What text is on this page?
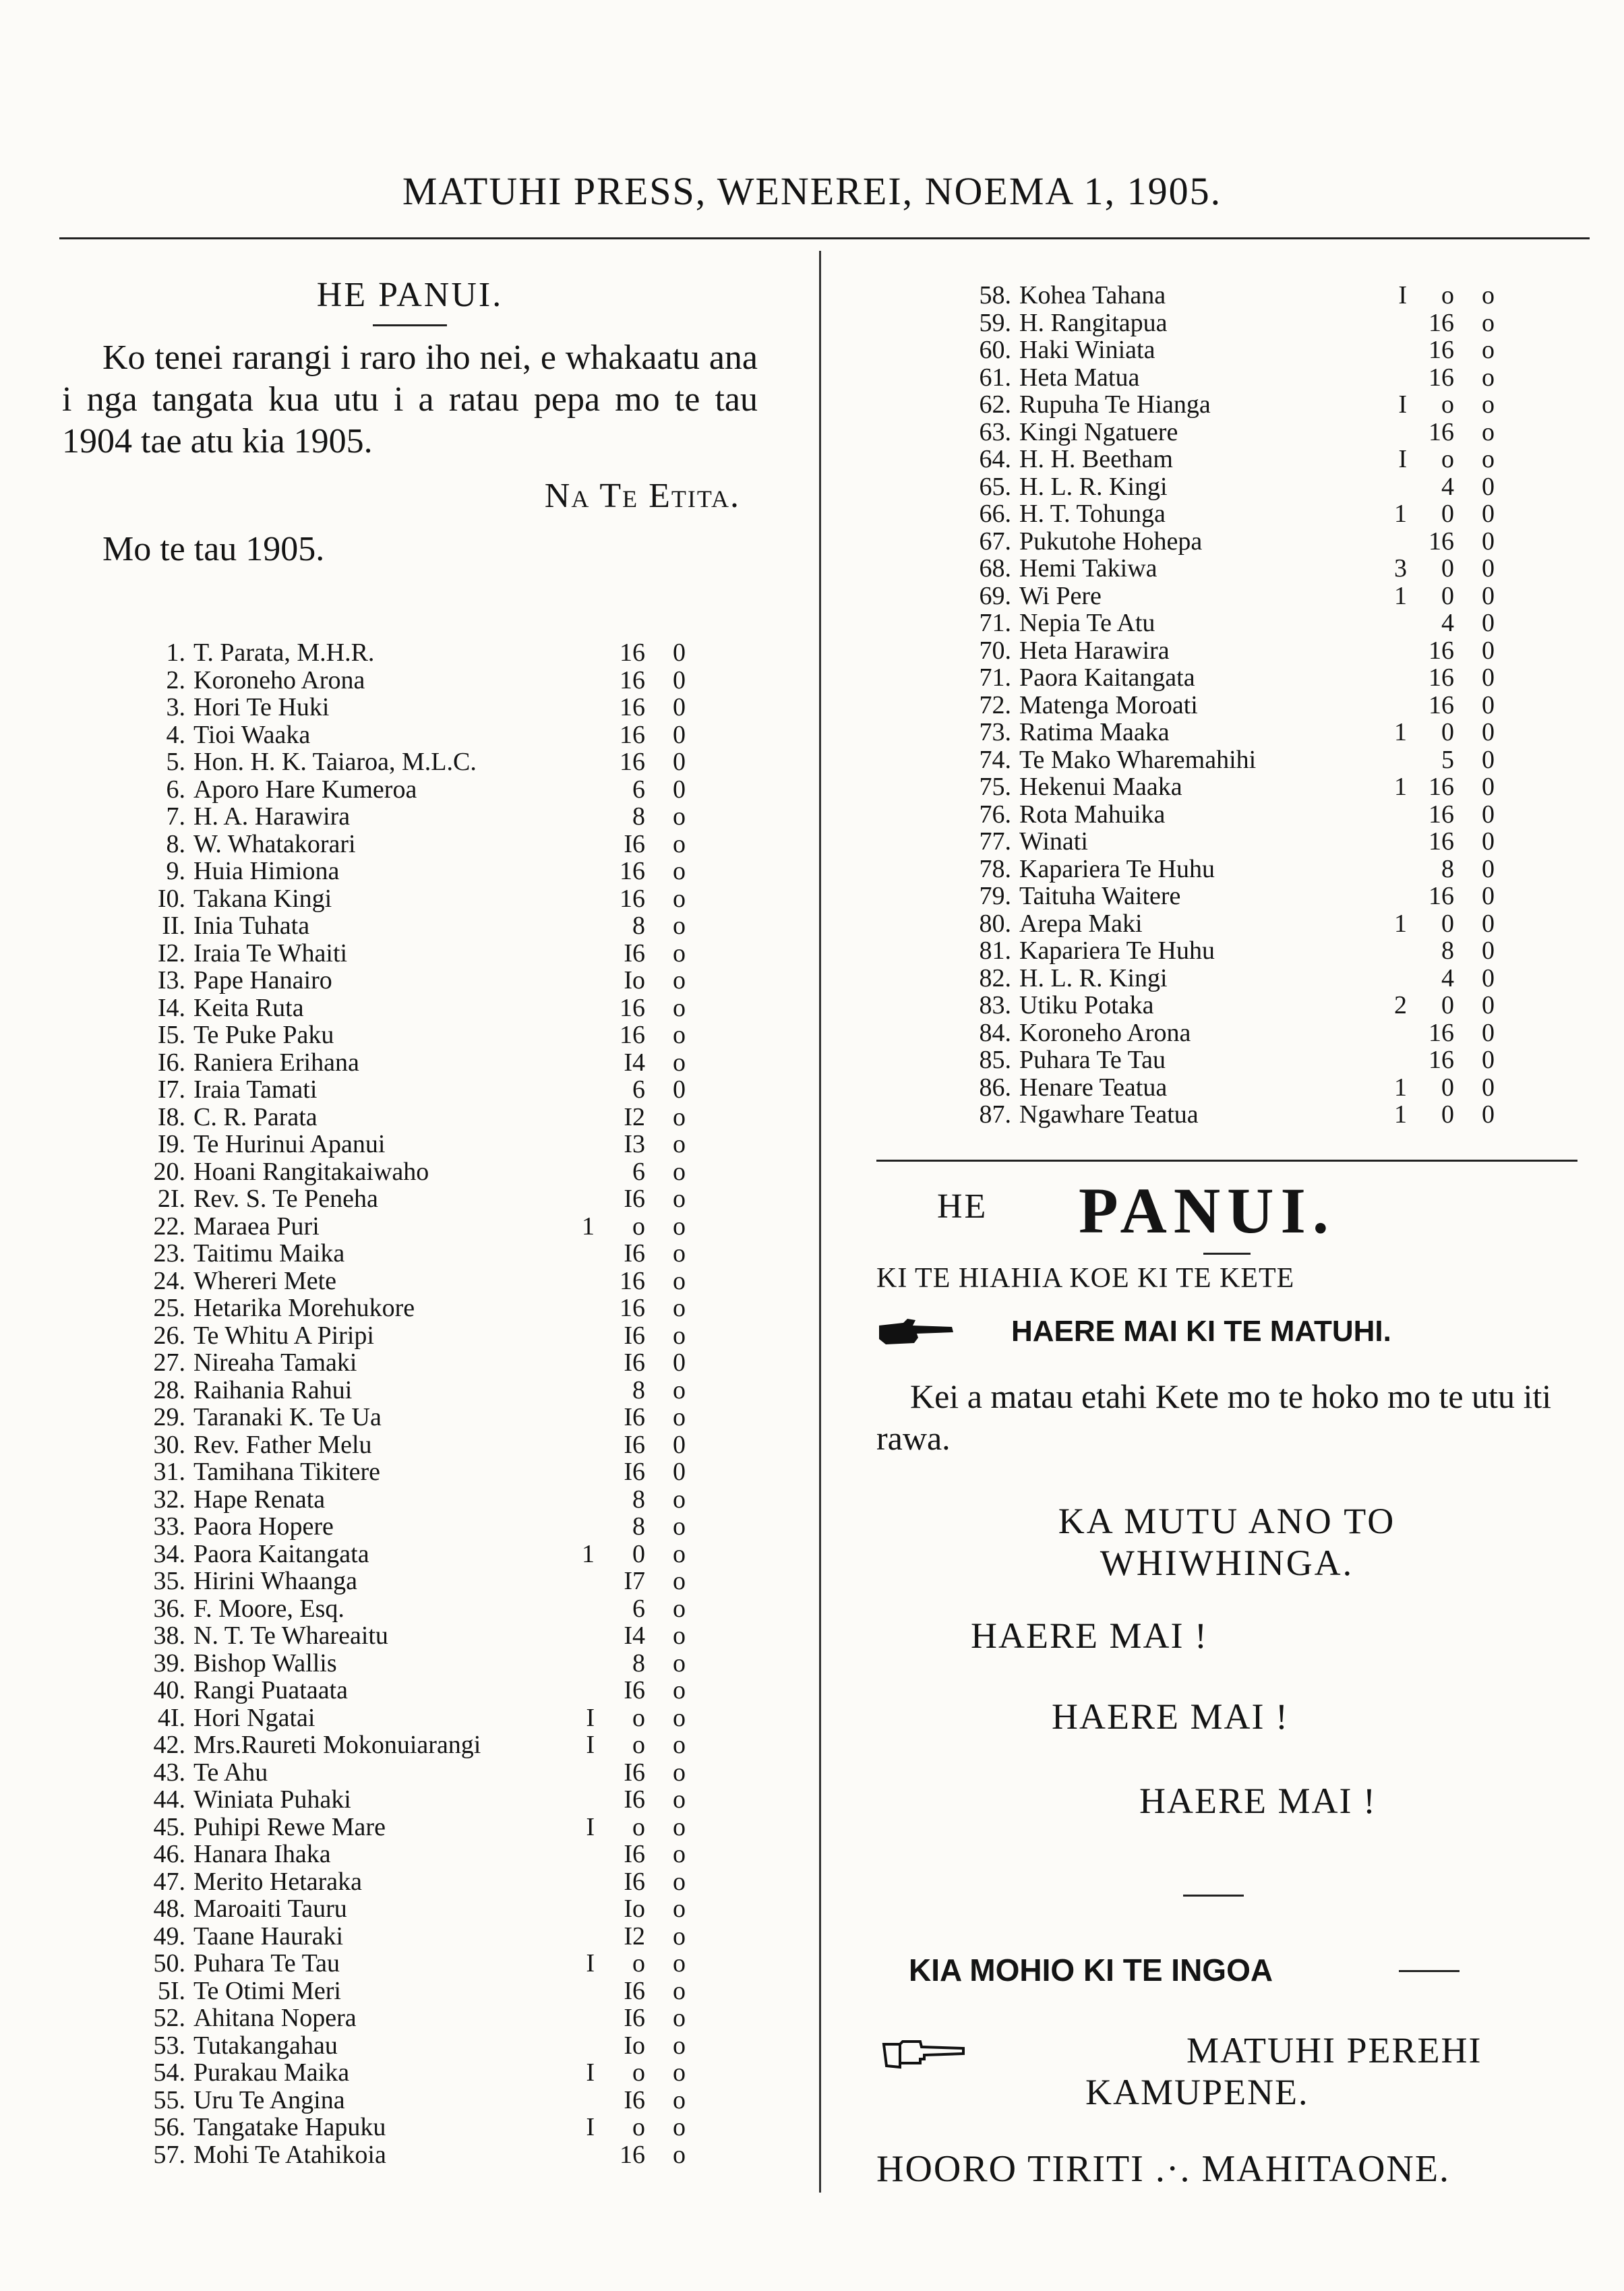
MATUHI PRESS, WENEREI, NOEMA 1, 1905.
HE PANUI.

Ko tenei rarangi i raro iho nei, e whakaatu ana i nga tangata kua utu i a ratau pepa mo te tau 1904 tae atu kia 1905.

Na Te Etita.
Mo te tau 1905.
1. T. Parata, M.H.R.	16	0
2. Koroneho Arona	16	0
3. Hori Te Huki	16	0
4. Tioi Waaka	16	0
5. Hon. H. K. Taiaroa, M.L.C.	16	0
6. Aporo Hare Kumeroa	6	0
7. H. A. Harawira	8	o
8. W. Whatakorari	I6	o
9. Huia Himiona	16	o
I0. Takana Kingi	16	o
II. Inia Tuhata	8	o
I2. Iraia Te Whaiti	I6	o
I3. Pape Hanairo	Io	o
I4. Keita Ruta	16	o
I5. Te Puke Paku	16	o
I6. Raniera Erihana	I4	o
I7. Iraia Tamati	6	0
I8. C. R. Parata	I2	o
I9. Te Hurinui Apanui	I3	o
20. Hoani Rangitakaiwaho	6	o
2I. Rev. S. Te Peneha	I6	o
22. Maraea Puri	1	o	o
23. Taitimu Maika	I6	o
24. Whereri Mete	16	o
25. Hetarika Morehukore	16	o
26. Te Whitu A Piripi	I6	o
27. Nireaha Tamaki	I6	0
28. Raihania Rahui	8	o
29. Taranaki K. Te Ua	I6	o
30. Rev. Father Melu	I6	0
31. Tamihana Tikitere	I6	0
32. Hape Renata	8	o
33. Paora Hopere	8	o
34. Paora Kaitangata	1	0	o
35. Hirini Whaanga	I7	o
36. F. Moore, Esq.	6	o
38. N. T. Te Whareaitu	I4	o
39. Bishop Wallis	8	o
40. Rangi Puataata	I6	o
4I. Hori Ngatai	I	o	o
42. Mrs.Raureti Mokonuiarangi	I	o	o
43. Te Ahu	I6	o
44. Winiata Puhaki	I6	o
45. Puhipi Rewe Mare	I	o	o
46. Hanara Ihaka	I6	o
47. Merito Hetaraka	I6	o
48. Maroaiti Tauru	Io	o
49. Taane Hauraki	I2	o
50. Puhara Te Tau	I	o	o
5I. Te Otimi Meri	I6	o
52. Ahitana Nopera	I6	o
53. Tutakangahau	Io	o
54. Purakau Maika	I	o	o
55. Uru Te Angina	I6	o
56. Tangatake Hapuku	I	o	o
57. Mohi Te Atahikoia	16	o
58. Kohea Tahana	I	o	o
59. H. Rangitapua	16	o
60. Haki Winiata	16	o
61. Heta Matua	16	o
62. Rupuha Te Hianga	I	o	o
63. Kingi Ngatuere	16	o
64. H. H. Beetham	I	o	o
65. H. L. R. Kingi	4	0
66. H. T. Tohunga	1	0	0
67. Pukutohe Hohepa	16	0
68. Hemi Takiwa	3	0	0
69. Wi Pere	1	0	0
71. Nepia Te Atu	4	0
70. Heta Harawira	16	0
71. Paora Kaitangata	16	0
72. Matenga Moroati	16	0
73. Ratima Maaka	1	0	0
74. Te Mako Wharemahihi	5	0
75. Hekenui Maaka	1 16	0
76. Rota Mahuika	16	0
77. Winati	16	0
78. Kapariera Te Huhu	8	0
79. Taituha Waitere	16	0
80. Arepa Maki	1	0	0
81. Kapariera Te Huhu	8	0
82. H. L. R. Kingi	4	0
83. Utiku Potaka	2	0	0
84. Koroneho Arona	16	0
85. Puhara Te Tau	16	0
86. Henare Teatua	1	0	0
87. Ngawhare Teatua	1	0	0
HE PANUI.
KI TE HIAHIA KOE KI TE KETE
HAERE MAI KI TE MATUHI.
Kei a matau etahi Kete mo te hoko mo te utu iti rawa.
KA MUTU ANO TO
WHIWHINGA.
HAERE MAI !
HAERE MAI !
HAERE MAI !
KIA MOHIO KI TE INGOA
MATUHI PEREHI
KAMUPENE.
HOORO TIRITI .·. MAHITAONE.
